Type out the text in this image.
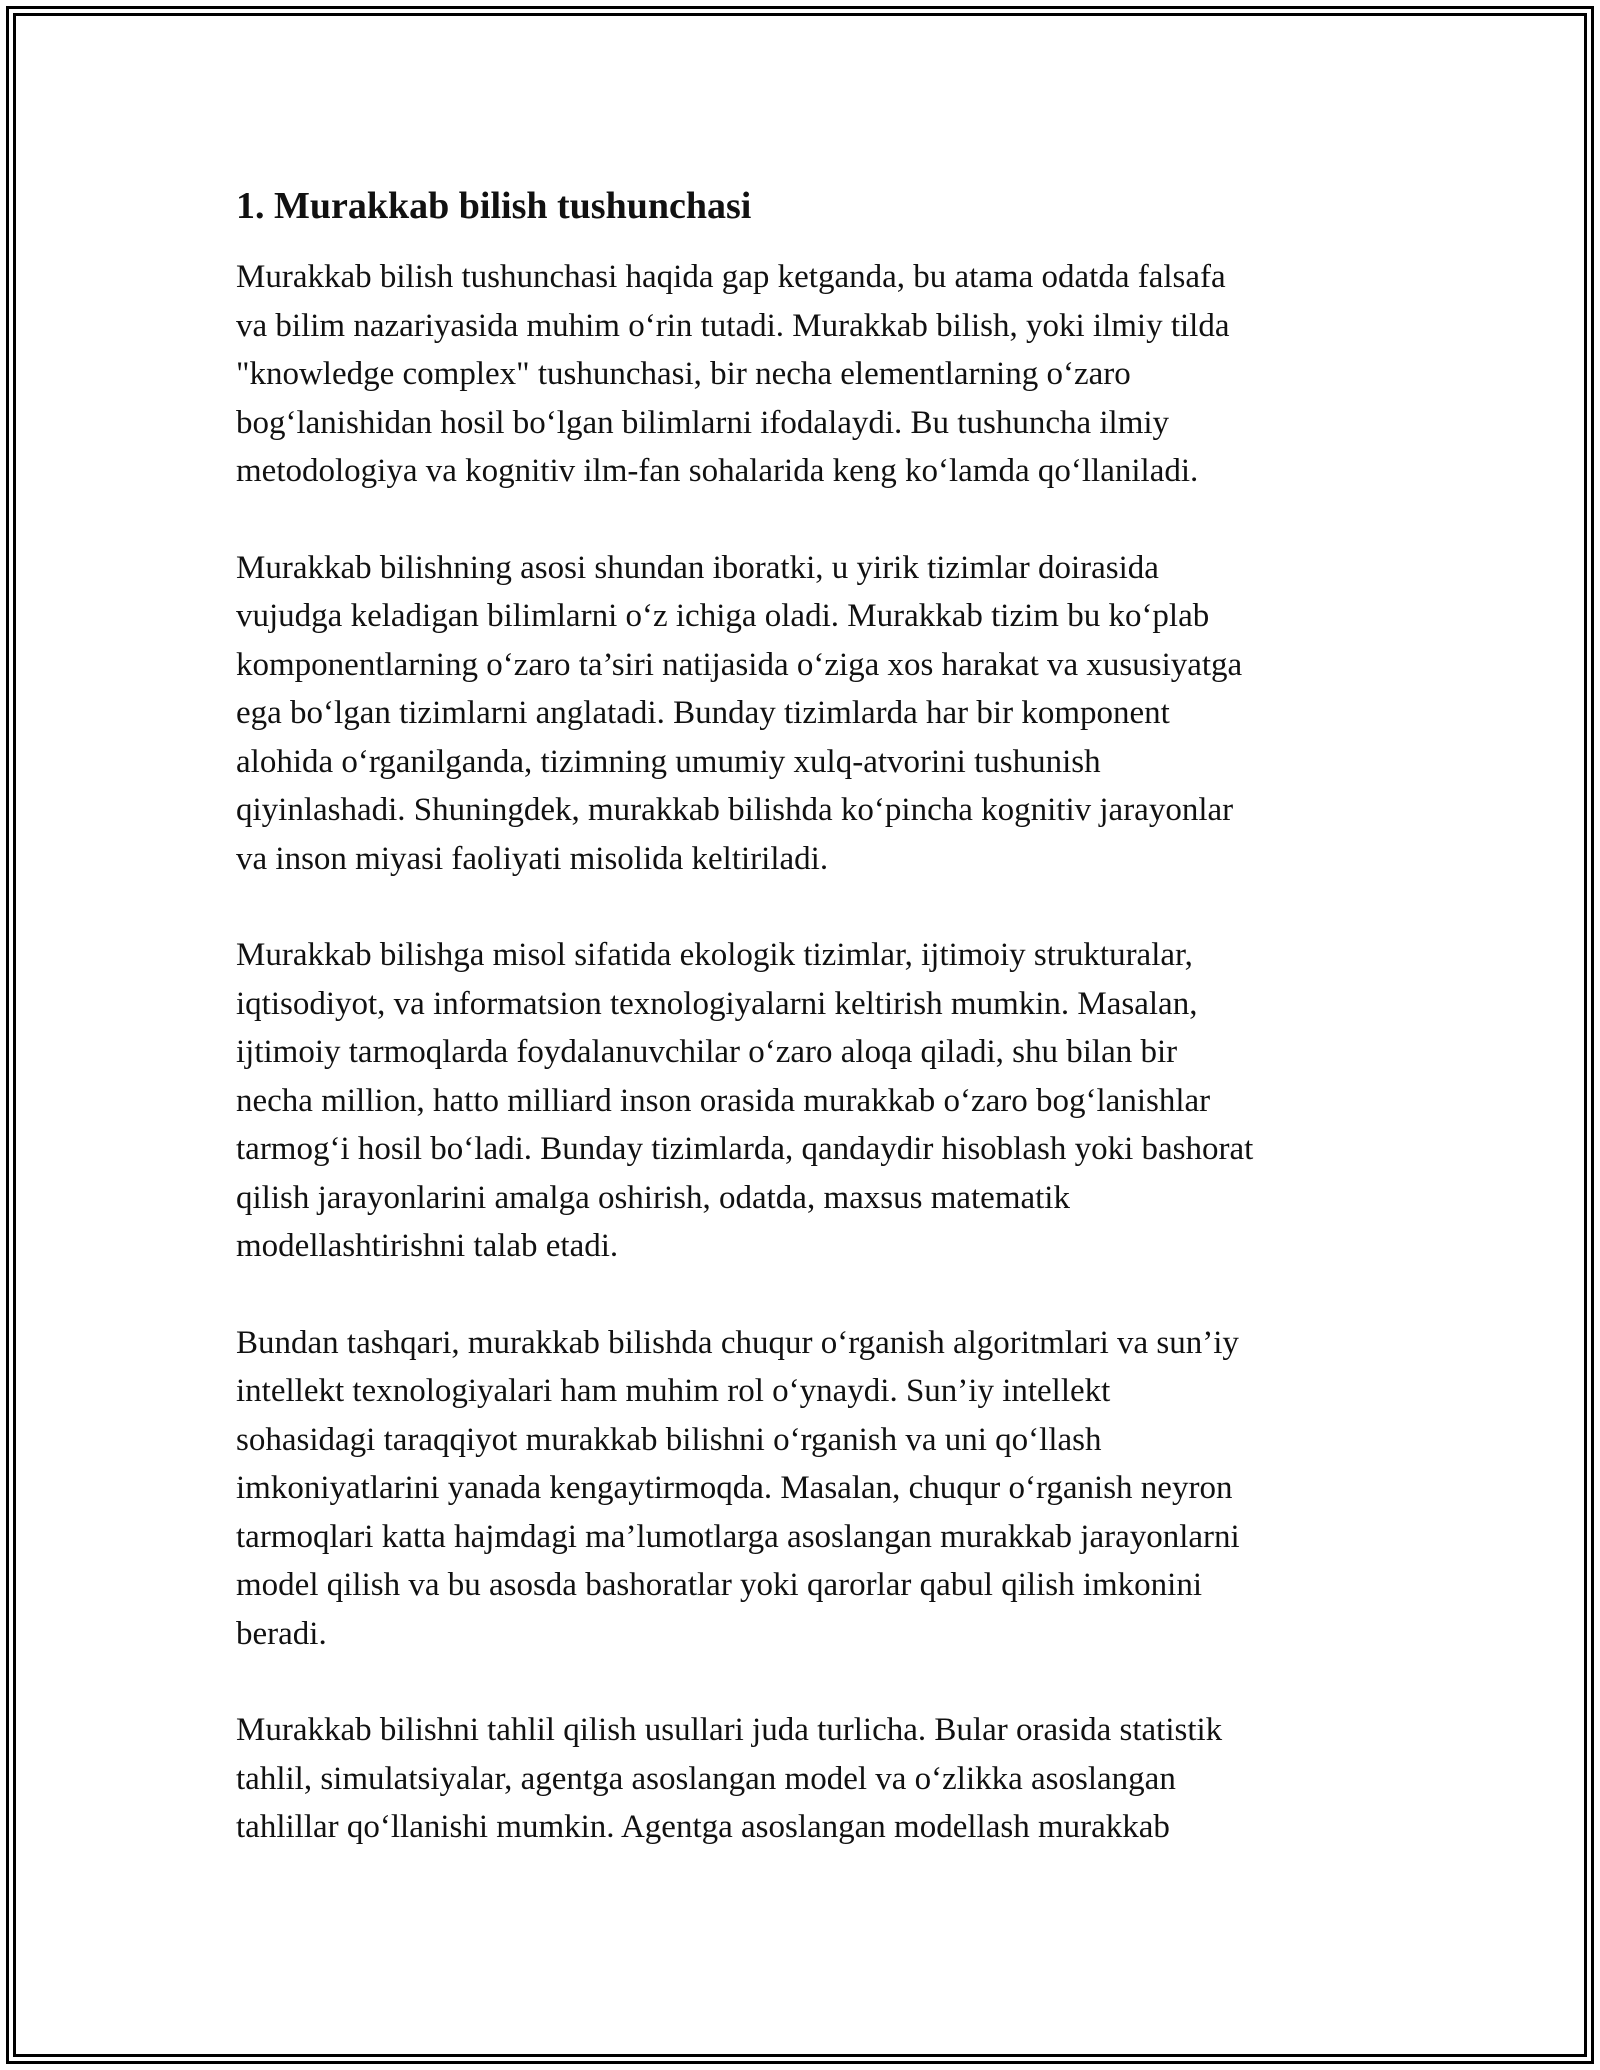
1. Murakkab bilish tushunchasi

Murakkab bilish tushunchasi haqida gap ketganda, bu atama odatda falsafa
va bilim nazariyasida muhim o‘rin tutadi. Murakkab bilish, yoki ilmiy tilda
"knowledge complex" tushunchasi, bir necha elementlarning o‘zaro
bog‘lanishidan hosil bo‘lgan bilimlarni ifodalaydi. Bu tushuncha ilmiy
metodologiya va kognitiv ilm-fan sohalarida keng ko‘lamda qo‘llaniladi.

Murakkab bilishning asosi shundan iboratki, u yirik tizimlar doirasida
vujudga keladigan bilimlarni o‘z ichiga oladi. Murakkab tizim bu ko‘plab
komponentlarning o‘zaro ta’siri natijasida o‘ziga xos harakat va xususiyatga
ega bo‘lgan tizimlarni anglatadi. Bunday tizimlarda har bir komponent
alohida o‘rganilganda, tizimning umumiy xulq-atvorini tushunish
qiyinlashadi. Shuningdek, murakkab bilishda ko‘pincha kognitiv jarayonlar
va inson miyasi faoliyati misolida keltiriladi.

Murakkab bilishga misol sifatida ekologik tizimlar, ijtimoiy strukturalar,
iqtisodiyot, va informatsion texnologiyalarni keltirish mumkin. Masalan,
ijtimoiy tarmoqlarda foydalanuvchilar o‘zaro aloqa qiladi, shu bilan bir
necha million, hatto milliard inson orasida murakkab o‘zaro bog‘lanishlar
tarmog‘i hosil bo‘ladi. Bunday tizimlarda, qandaydir hisoblash yoki bashorat
qilish jarayonlarini amalga oshirish, odatda, maxsus matematik
modellashtirishni talab etadi.

Bundan tashqari, murakkab bilishda chuqur o‘rganish algoritmlari va sun’iy
intellekt texnologiyalari ham muhim rol o‘ynaydi. Sun’iy intellekt
sohasidagi taraqqiyot murakkab bilishni o‘rganish va uni qo‘llash
imkoniyatlarini yanada kengaytirmoqda. Masalan, chuqur o‘rganish neyron
tarmoqlari katta hajmdagi ma’lumotlarga asoslangan murakkab jarayonlarni
model qilish va bu asosda bashoratlar yoki qarorlar qabul qilish imkonini
beradi.

Murakkab bilishni tahlil qilish usullari juda turlicha. Bular orasida statistik
tahlil, simulatsiyalar, agentga asoslangan model va o‘zlikka asoslangan
tahlillar qo‘llanishi mumkin. Agentga asoslangan modellash murakkab
